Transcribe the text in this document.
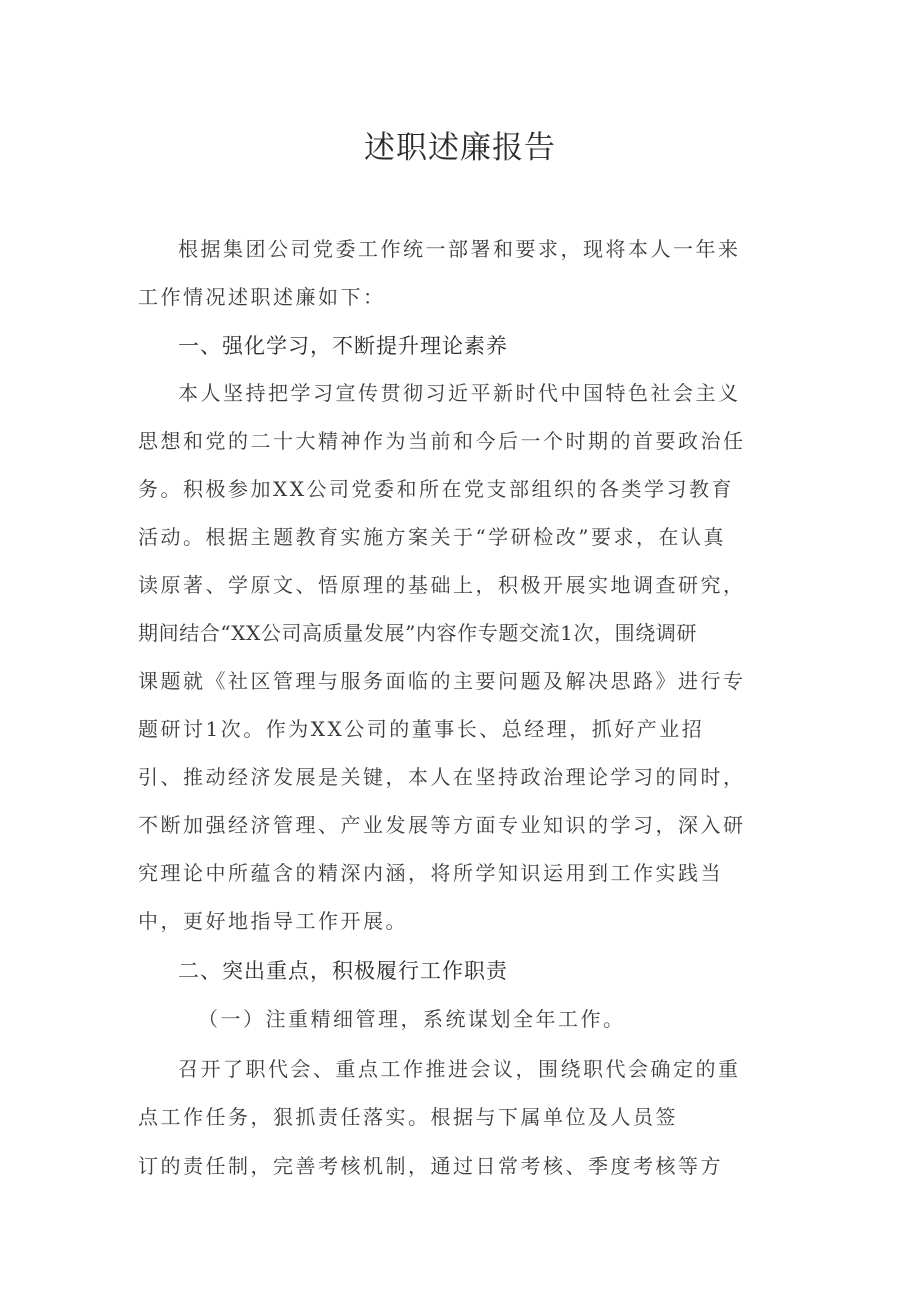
述职述廉报告

根据集团公司党委工作统一部署和要求，现将本人一年来

工作情况述职述廉如下：

一、强化学习，不断提升理论素养

本人坚持把学习宣传贯彻习近平新时代中国特色社会主义

思想和党的二十大精神作为当前和今后一个时期的首要政治任

务。积极参加XX公司党委和所在党支部组织的各类学习教育

活动。根据主题教育实施方案关于“学研检改”要求，在认真

读原著、学原文、悟原理的基础上，积极开展实地调查研究，

期间结合“XX公司高质量发展”内容作专题交流1次，围绕调研

课题就《社区管理与服务面临的主要问题及解决思路》进行专

题研讨1次。作为XX公司的董事长、总经理，抓好产业招

引、推动经济发展是关键，本人在坚持政治理论学习的同时，

不断加强经济管理、产业发展等方面专业知识的学习，深入研

究理论中所蕴含的精深内涵，将所学知识运用到工作实践当

中，更好地指导工作开展。

二、突出重点，积极履行工作职责

（一）注重精细管理，系统谋划全年工作。

召开了职代会、重点工作推进会议，围绕职代会确定的重

点工作任务，狠抓责任落实。根据与下属单位及人员签

订的责任制，完善考核机制，通过日常考核、季度考核等方
